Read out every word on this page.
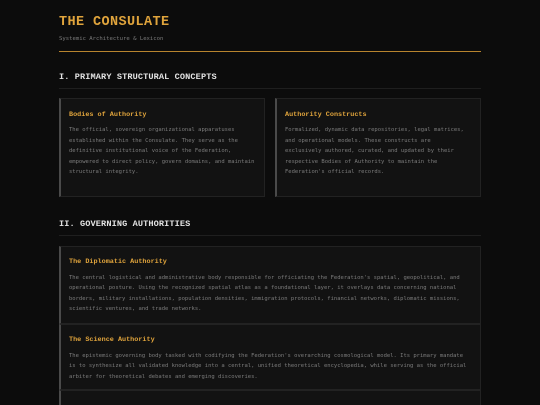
THE CONSULATE
Systemic Architecture & Lexicon
I. PRIMARY STRUCTURAL CONCEPTS
Bodies of Authority
The official, sovereign organizational apparatuses established within the Consulate. They serve as the definitive institutional voice of the Federation, empowered to direct policy, govern domains, and maintain structural integrity.
Authority Constructs
Formalized, dynamic data repositories, legal matrices, and operational models. These constructs are exclusively authored, curated, and updated by their respective Bodies of Authority to maintain the Federation's official records.
II. GOVERNING AUTHORITIES
The Diplomatic Authority
The central logistical and administrative body responsible for officiating the Federation's spatial, geopolitical, and operational posture. Using the recognized spatial atlas as a foundational layer, it overlays data concerning national borders, military installations, population densities, immigration protocols, financial networks, diplomatic missions, scientific ventures, and trade networks.
The Science Authority
The epistemic governing body tasked with codifying the Federation's overarching cosmological model. Its primary mandate is to synthesize all validated knowledge into a central, unified theoretical encyclopedia, while serving as the official arbiter for theoretical debates and emerging discoveries.
